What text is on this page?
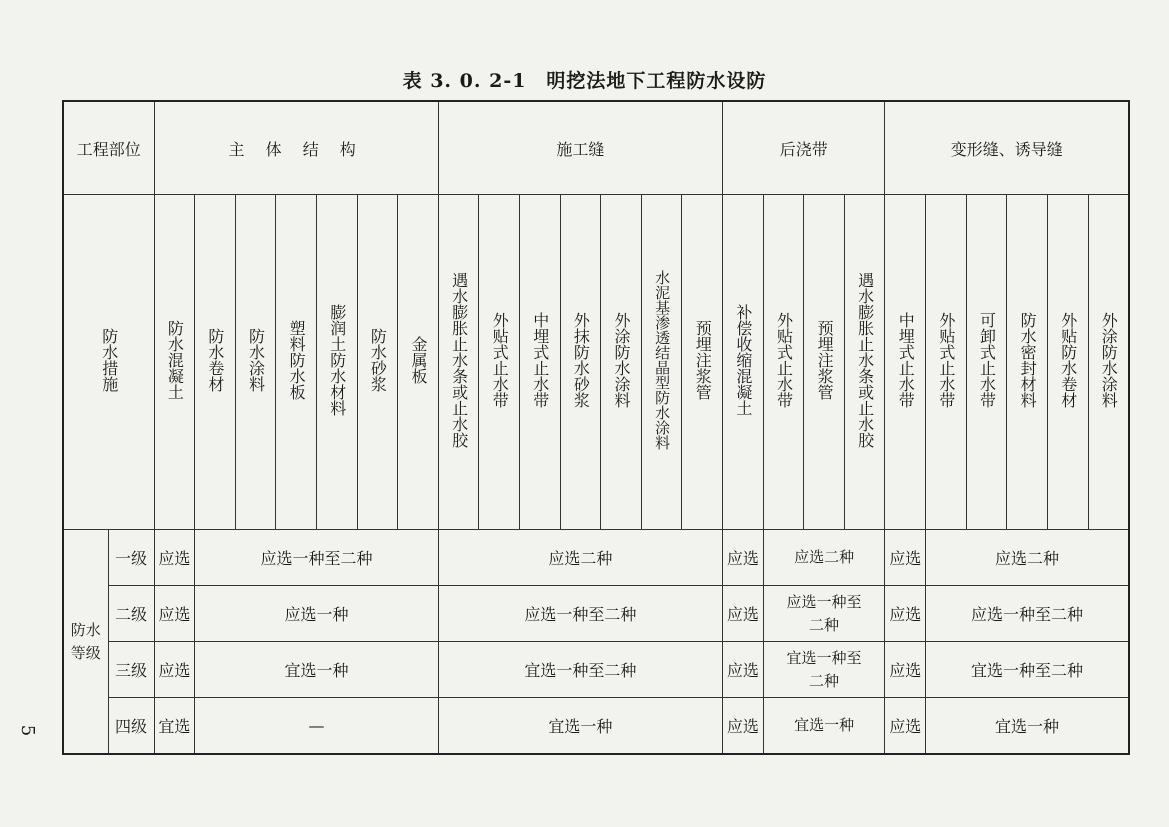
表 3. 0. 2-1　明挖法地下工程防水设防
工程部位		主 体 结 构							施工缝							后浇带				变形缝、诱导缝					
防水措施		防水混凝土	防水卷材	防水涂料	塑料防水板	膨润土防水材料	防水砂浆	金属板	遇水膨胀止水条或止水胶	外贴式止水带	中埋式止水带	外抹防水砂浆	外涂防水涂料	水泥基渗透结晶型防水涂料	预埋注浆管	补偿收缩混凝土	外贴式止水带	预埋注浆管	遇水膨胀止水条或止水胶	中埋式止水带	外贴式止水带	可卸式止水带	防水密封材料	外贴防水卷材	外涂防水涂料
防水等级	一级	应选	应选一种至二种						应选二种							应选	应选二种			应选	应选二种				
	二级	应选	应选一种						应选一种至二种							应选	应选一种至二种			应选	应选一种至二种				
	三级	应选	宜选一种						宜选一种至二种							应选	宜选一种至二种			应选	宜选一种至二种				
	四级	宜选	—						宜选一种							应选	宜选一种			应选	宜选一种				
5
